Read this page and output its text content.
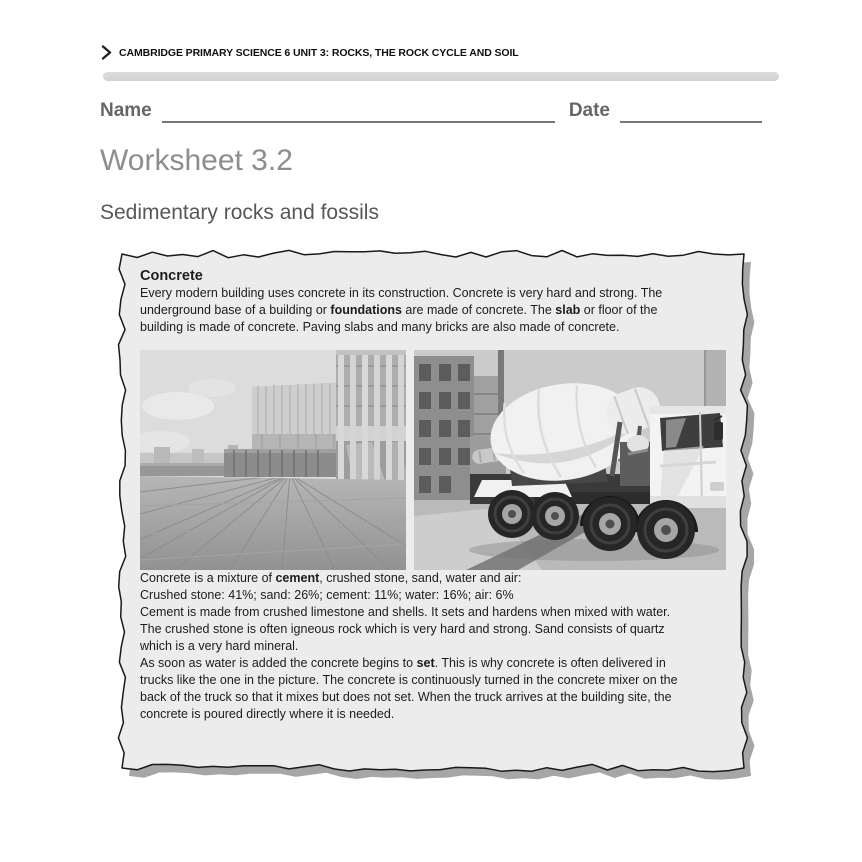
CAMBRIDGE PRIMARY SCIENCE 6 UNIT 3: ROCKS, THE ROCK CYCLE AND SOIL
Name	Date
Worksheet 3.2
Sedimentary rocks and fossils
Concrete

Every modern building uses concrete in its construction. Concrete is very hard and strong. The
underground base of a building or foundations are made of concrete. The slab or floor of the
building is made of concrete. Paving slabs and many bricks are also made of concrete.

Concrete is a mixture of cement, crushed stone, sand, water and air:

Crushed stone: 41%; sand: 26%; cement: 11%; water: 16%; air: 6%

Cement is made from crushed limestone and shells. It sets and hardens when mixed with water.
The crushed stone is often igneous rock which is very hard and strong. Sand consists of quartz
which is a very hard mineral.

As soon as water is added the concrete begins to set. This is why concrete is often delivered in
trucks like the one in the picture. The concrete is continuously turned in the concrete mixer on the
back of the truck so that it mixes but does not set. When the truck arrives at the building site, the
concrete is poured directly where it is needed.
